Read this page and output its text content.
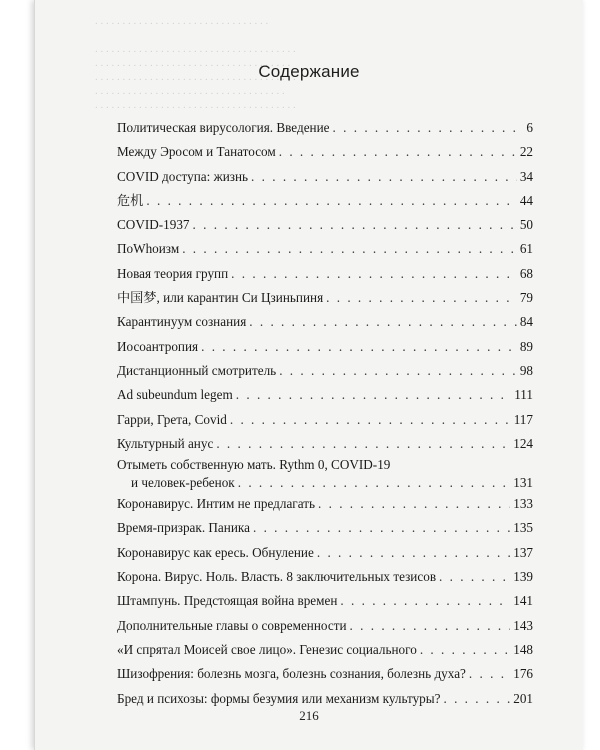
. . . . . . . . . . . . . . . . . . . . . . . . . . . . . . . .

. . . . . . . . . . . . . . . . . . . . . . . . . . . . . . . . . . . . .
. . . . . . . . . . . . . . . . . . . . . . . . . . . . . . . . . . . .
. . . . . . . . . . . . . . . . . . . . . . . . . . . . . . . . . . . . .
. . . . . . . . . . . . . . . . . . . . . . . . . . . . . . . . . . .
. . . . . . . . . . . . . . . . . . . . . . . . . . . . . . . . . . . . .
Содержание
Политическая вирусология. Введение . . .	6
Между Эросом и Танатосом . . .	22
COVID доступа: жизнь . . .	34
危机 . . .	44
COVID-1937 . . .	50
ПоWhoизм . . .	61
Новая теория групп . . .	68
中国梦, или карантин Си Цзиньпиня . . .	79
Карантинуум сознания . . .	84
Иосоантропия . . .	89
Дистанционный смотритель . . .	98
Ad subeundum legem . . .	111
Гарри, Грета, Covid . . .	117
Культурный анус . . .	124
Отыметь собственную мать. Rythm 0, COVID-19
и человек-ребенок . . .	131
Коронавирус. Интим не предлагать . . .	133
Время-призрак. Паника . . .	135
Коронавирус как ересь. Обнуление . . .	137
Корона. Вирус. Ноль. Власть. 8 заключительных тезисов . . .	139
Штампунь. Предстоящая война времен . . .	141
Дополнительные главы о современности . . .	143
«И спрятал Моисей свое лицо». Генезис социального . . .	148
Шизофрения: болезнь мозга, болезнь сознания, болезнь духа? . . .	176
Бред и психозы: формы безумия или механизм культуры? . . .	201
216
